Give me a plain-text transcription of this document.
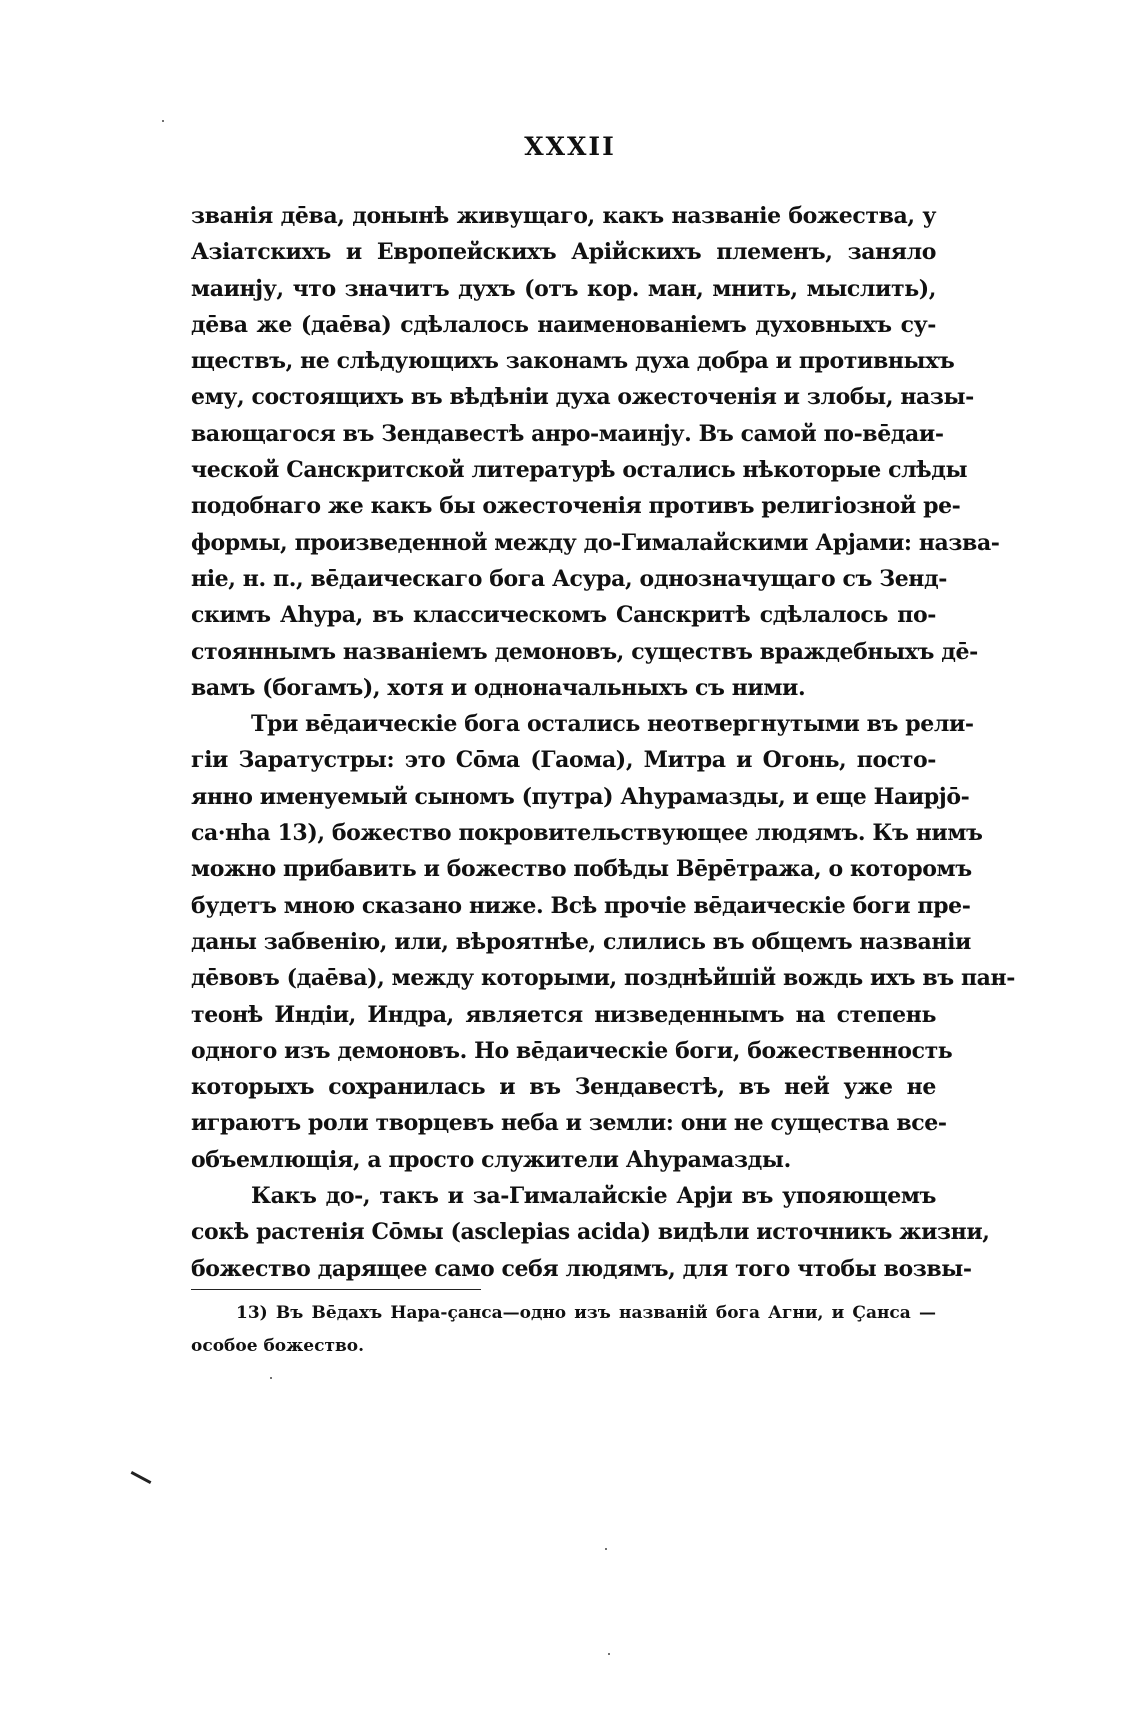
XXXII
званія дēва, донынѣ живущаго, какъ названіе божества, у
Азіатскихъ и Европейскихъ Арійскихъ племенъ, заняло
маинју, что значитъ духъ (отъ кор. ман, мнить, мыслить),
дēва же (даēва) сдѣлалось наименованіемъ духовныхъ су-
ществъ, не слѣдующихъ законамъ духа добра и противныхъ
ему, состоящихъ въ вѣдѣніи духа ожесточенія и злобы, назы-
вающагося въ Зендавестѣ анро-маинју. Въ самой по-вēдаи-
ческой Санскритской литературѣ остались нѣкоторые слѣды
подобнаго же какъ бы ожесточенія противъ религіозной ре-
формы, произведенной между до-Гималайскими Арјами: назва-
ніе, н. п., вēдаическаго бога Асура, однозначущаго съ Зенд-
скимъ Аhура, въ классическомъ Санскритѣ сдѣлалось по-
стояннымъ названіемъ демоновъ, существъ враждебныхъ дē-
вамъ (богамъ), хотя и одноначальныхъ съ ними.
Три вēдаическіе бога остались неотвергнутыми въ рели-
гіи Заратустры: это Сōма (Гаома), Митра и Огонь, посто-
янно именуемый сыномъ (путра) Аhурамазды, и еще Наирјō-
са·нhа 13), божество покровительствующее людямъ. Къ нимъ
можно прибавить и божество побѣды Вēрēтража, о которомъ
будетъ мною сказано ниже. Всѣ прочіе вēдаическіе боги пре-
даны забвенію, или, вѣроятнѣе, слились въ общемъ названіи
дēвовъ (даēва), между которыми, позднѣйшій вождь ихъ въ пан-
теонѣ Индіи, Индра, является низведеннымъ на степень
одного изъ демоновъ. Но вēдаическіе боги, божественность
которыхъ сохранилась и въ Зендавестѣ, въ ней уже не
играютъ роли творцевъ неба и земли: они не существа все-
объемлющія, а просто служители Аhурамазды.
Какъ до-, такъ и за-Гималайскіе Арји въ упояющемъ
сокѣ растенія Сōмы (asclepias acida) видѣли источникъ жизни,
божество дарящее само себя людямъ, для того чтобы возвы-
13) Въ Вēдахъ Нара-çанса—одно изъ названій бога Агни, и Çанса —
особое божество.
